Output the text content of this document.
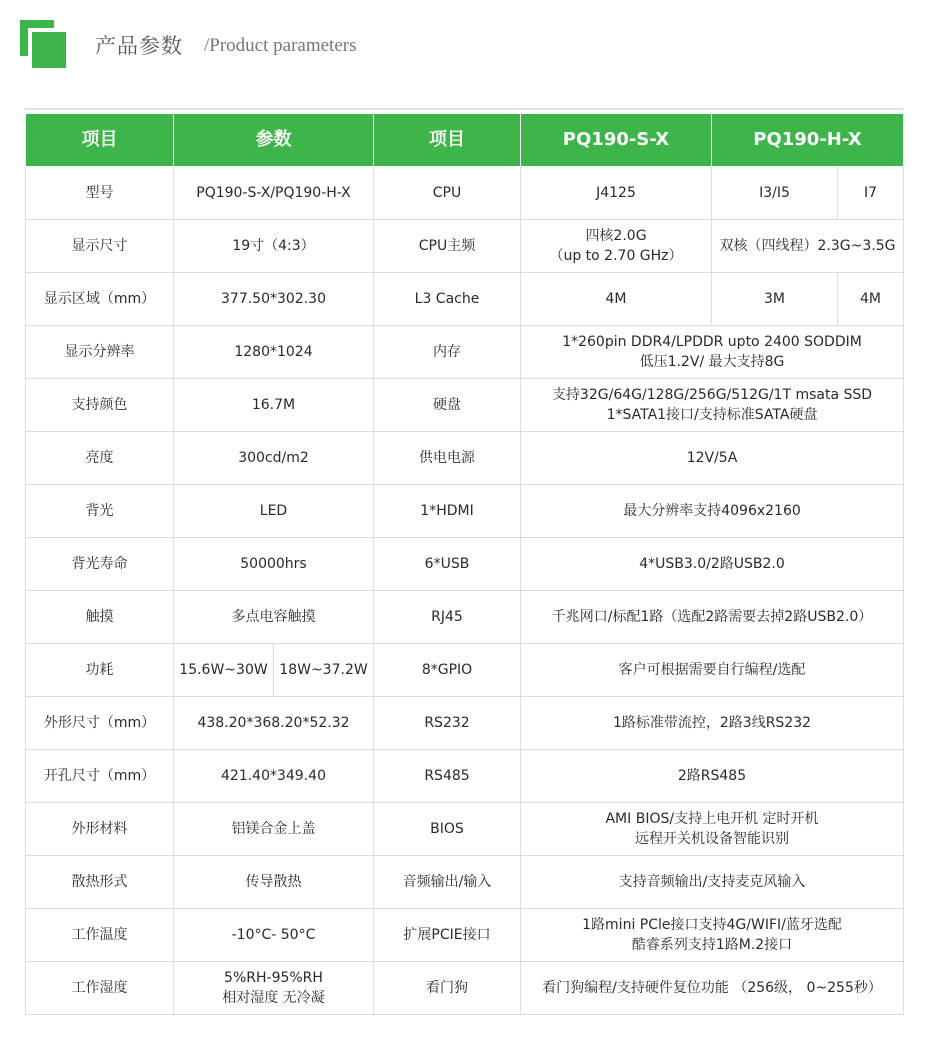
产品参数 /Product parameters
项目	参数		项目	PQ190-S-X	PQ190-H-X	
型号	PQ190-S-X/PQ190-H-X		CPU	J4125	I3/I5	I7
显示尺寸	19寸（4:3）		CPU主频	四核2.0G
（up to 2.70 GHz）	双核（四线程）2.3G~3.5G	
显示区域（mm）	377.50*302.30		L3 Cache	4M	3M	4M
显示分辨率	1280*1024		内存	1*260pin DDR4/LPDDR upto 2400 SODDIM
低压1.2V/ 最大支持8G		

支持颜色	16.7M		硬盘	支持32G/64G/128G/256G/512G/1T msata SSD
1*SATA1接口/支持标准SATA硬盘		

亮度	300cd/m2		供电电源	12V/5A		
背光	LED		1*HDMI	最大分辨率支持4096x2160		
背光寿命	50000hrs		6*USB	4*USB3.0/2路USB2.0		
触摸	多点电容触摸		RJ45	千兆网口/标配1路（选配2路需要去掉2路USB2.0）		
功耗	15.6W~30W	18W~37.2W	8*GPIO	客户可根据需要自行编程/选配		
外形尺寸（mm）	438.20*368.20*52.32		RS232	1路标准带流控，2路3线RS232		
开孔尺寸（mm）	421.40*349.40		RS485	2路RS485		
外形材料	铝镁合金上盖		BIOS	AMI BIOS/支持上电开机 定时开机
远程开关机设备智能识别		

散热形式	传导散热		音频输出/输入	支持音频输出/支持麦克风输入		
工作温度	-10°C- 50°C		扩展PCIE接口	1路mini PCle接口支持4G/WIFI/蓝牙选配
酷睿系列支持1路M.2接口		

工作湿度	5%RH-95%RH
相对湿度 无冷凝		看门狗	看门狗编程/支持硬件复位功能 （256级， 0~255秒）		
